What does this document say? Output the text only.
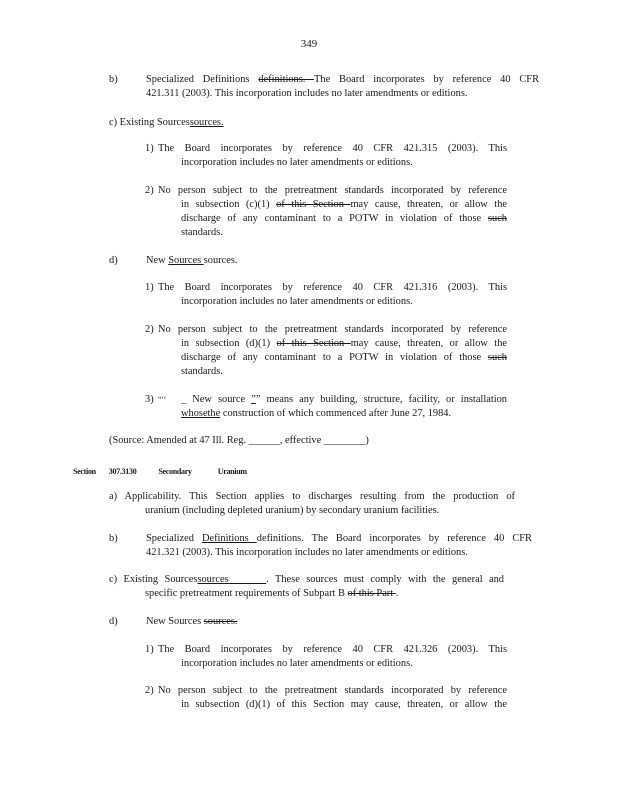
349
b)	Specialized Definitions definitions. The Board incorporates by reference 40 CFR

421.311 (2003). This incorporation includes no later amendments or editions.

c) Existing Sourcessources.

1) The Board incorporates by reference 40 CFR 421.315 (2003). This

incorporation includes no later amendments or editions.

2) No person subject to the pretreatment standards incorporated by reference

in subsection (c)(1) of this Section may cause, threaten, or allow the

discharge of any contaminant to a POTW in violation of those such

standards.

d)	New Sources sources.

1) The Board incorporates by reference 40 CFR 421.316 (2003). This

incorporation includes no later amendments or editions.

2) No person subject to the pretreatment standards incorporated by reference

in subsection (d)(1) of this Section may cause, threaten, or allow the

discharge of any contaminant to a POTW in violation of those such

standards.

3) “‘‘ _ New source ”” means any building, structure, facility, or installation

whosethe construction of which commenced after June 27, 1984.

(Source: Amended at 47 Ill. Reg. ______, effective ________)

Section 307.3130	Secondary	Uranium

a) Applicability. This Section applies to discharges resulting from the production of

uranium (including depleted uranium) by secondary uranium facilities.

b)	Specialized Definitions definitions. The Board incorporates by reference 40 CFR

421.321 (2003). This incorporation includes no later amendments or editions.

c) Existing Sourcessources ______. These sources must comply with the general and

specific pretreatment requirements of Subpart B of this Part .

d)	New Sources sources.

1) The Board incorporates by reference 40 CFR 421.326 (2003). This

incorporation includes no later amendments or editions.

2) No person subject to the pretreatment standards incorporated by reference

in subsection (d)(1) of this Section may cause, threaten, or allow the
